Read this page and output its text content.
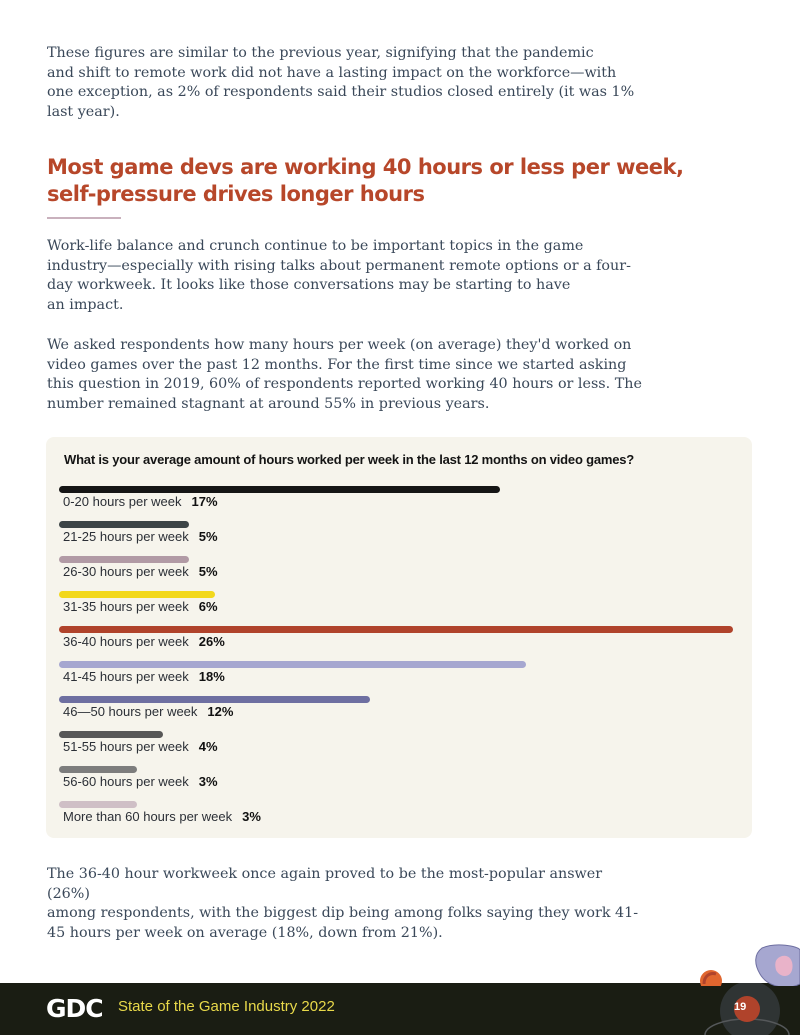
These figures are similar to the previous year, signifying that the pandemic
and shift to remote work did not have a lasting impact on the workforce—with
one exception, as 2% of respondents said their studios closed entirely (it was 1%
last year).

Most game devs are working 40 hours or less per week,
self-pressure drives longer hours

Work-life balance and crunch continue to be important topics in the game
industry—especially with rising talks about permanent remote options or a four-
day workweek. It looks like those conversations may be starting to have
an impact.

We asked respondents how many hours per week (on average) they'd worked on
video games over the past 12 months. For the first time since we started asking
this question in 2019, 60% of respondents reported working 40 hours or less. The
number remained stagnant at around 55% in previous years.

What is your average amount of hours worked per week in the last 12 months on video games?

0-20 hours per week 17%
21-25 hours per week 5%
26-30 hours per week 5%
31-35 hours per week 6%
36-40 hours per week 26%
41-45 hours per week 18%
46—50 hours per week 12%
51-55 hours per week 4%
56-60 hours per week 3%
More than 60 hours per week 3%

The 36-40 hour workweek once again proved to be the most-popular answer (26%)
among respondents, with the biggest dip being among folks saying they work 41-
45 hours per week on average (18%, down from 21%).

GDC State of the Game Industry 2022	19
